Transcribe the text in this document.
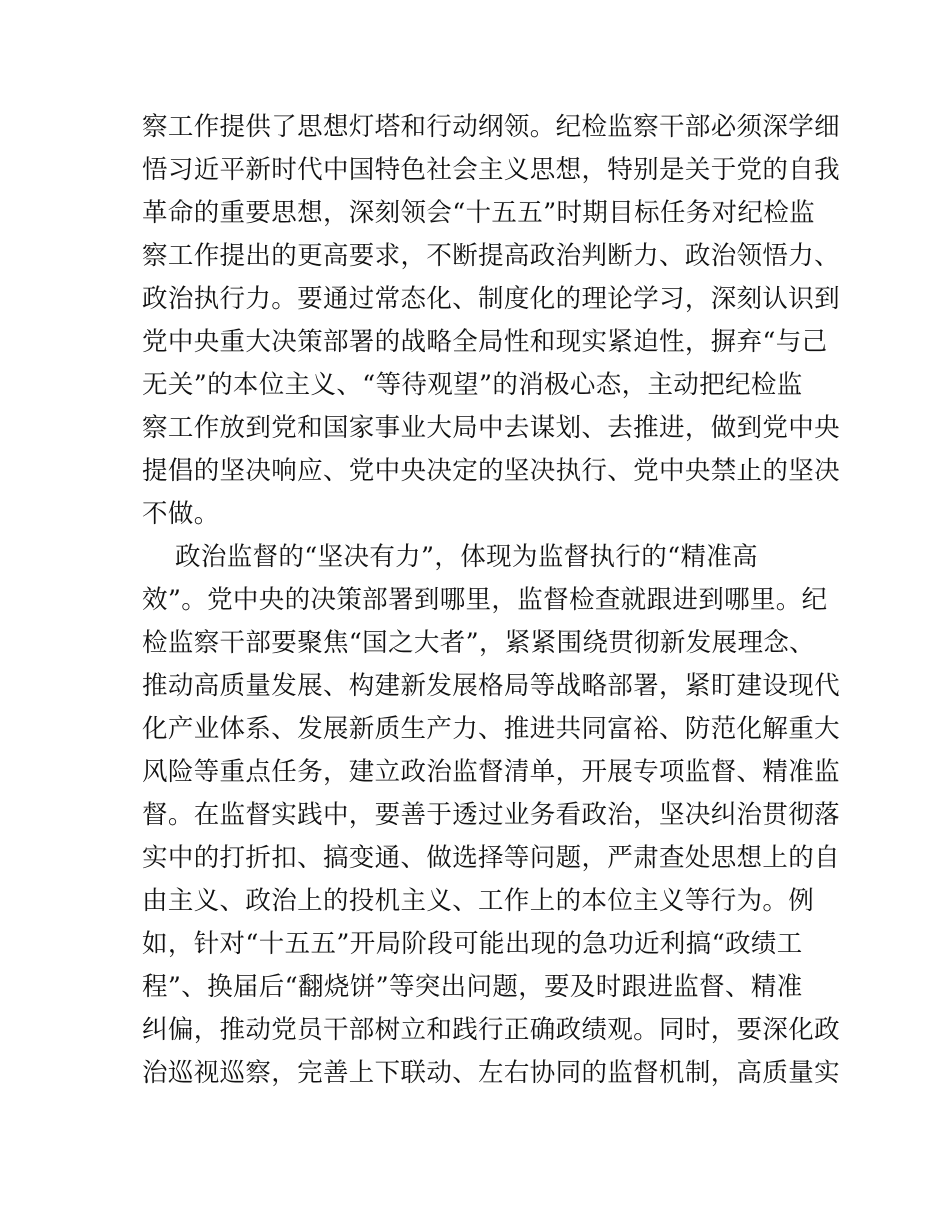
察工作提供了思想灯塔和行动纲领。纪检监察干部必须深学细
悟习近平新时代中国特色社会主义思想，特别是关于党的自我
革命的重要思想，深刻领会“十五五”时期目标任务对纪检监
察工作提出的更高要求，不断提高政治判断力、政治领悟力、
政治执行力。要通过常态化、制度化的理论学习，深刻认识到
党中央重大决策部署的战略全局性和现实紧迫性，摒弃“与己
无关”的本位主义、“等待观望”的消极心态，主动把纪检监
察工作放到党和国家事业大局中去谋划、去推进，做到党中央
提倡的坚决响应、党中央决定的坚决执行、党中央禁止的坚决
不做。
政治监督的“坚决有力”，体现为监督执行的“精准高
效”。党中央的决策部署到哪里，监督检查就跟进到哪里。纪
检监察干部要聚焦“国之大者”，紧紧围绕贯彻新发展理念、
推动高质量发展、构建新发展格局等战略部署，紧盯建设现代
化产业体系、发展新质生产力、推进共同富裕、防范化解重大
风险等重点任务，建立政治监督清单，开展专项监督、精准监
督。在监督实践中，要善于透过业务看政治，坚决纠治贯彻落
实中的打折扣、搞变通、做选择等问题，严肃查处思想上的自
由主义、政治上的投机主义、工作上的本位主义等行为。例
如，针对“十五五”开局阶段可能出现的急功近利搞“政绩工
程”、换届后“翻烧饼”等突出问题，要及时跟进监督、精准
纠偏，推动党员干部树立和践行正确政绩观。同时，要深化政
治巡视巡察，完善上下联动、左右协同的监督机制，高质量实
